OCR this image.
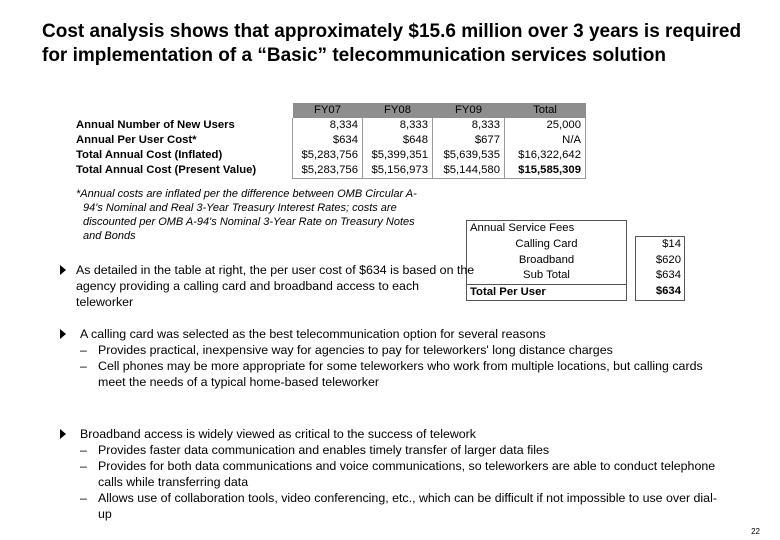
Cost analysis shows that approximately $15.6 million over 3 years is required for implementation of a “Basic” telecommunication services solution
	FY07	FY08	FY09	Total
Annual Number of New Users	8,334	8,333	8,333	25,000
Annual Per User Cost*	$634	$648	$677	N/A
Total Annual Cost (Inflated)	$5,283,756	$5,399,351	$5,639,535	$16,322,642
Total Annual Cost (Present Value)	$5,283,756	$5,156,973	$5,144,580	$15,585,309
*Annual costs are inflated per the difference between OMB Circular A-
94's Nominal and Real 3-Year Treasury Interest Rates; costs are
discounted per OMB A-94's Nominal 3-Year Rate on Treasury Notes
and Bonds
Annual Service Fees		
Calling Card		$14
Broadband		$620
Sub Total		$634
Total Per User		$634
As detailed in the table at right, the per user cost of $634 is based on the agency providing a calling card and broadband access to each teleworker
A calling card was selected as the best telecommunication option for several reasons
– Provides practical, inexpensive way for agencies to pay for teleworkers' long distance charges
– Cell phones may be more appropriate for some teleworkers who work from multiple locations, but calling cards meet the needs of a typical home-based teleworker
Broadband access is widely viewed as critical to the success of telework
– Provides faster data communication and enables timely transfer of larger data files
– Provides for both data communications and voice communications, so teleworkers are able to conduct telephone calls while transferring data
– Allows use of collaboration tools, video conferencing, etc., which can be difficult if not impossible to use over dial-up
22
